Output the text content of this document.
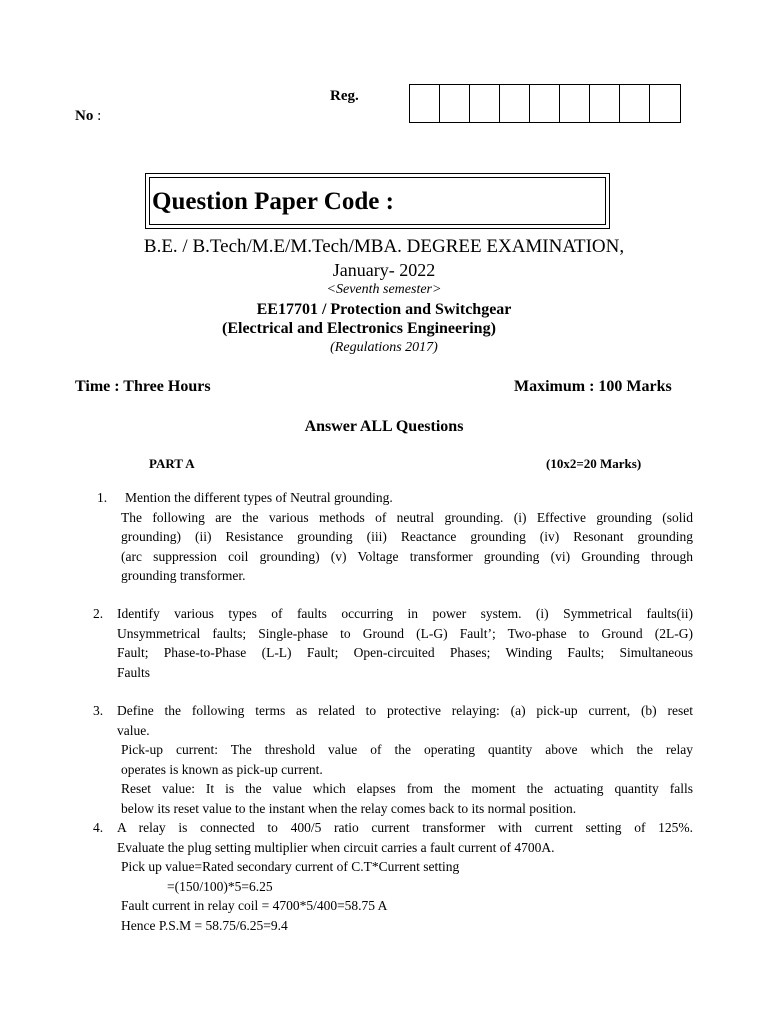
Reg.
No :
Question Paper Code :
B.E. / B.Tech/M.E/M.Tech/MBA. DEGREE EXAMINATION,
January- 2022
<Seventh semester>
EE17701 / Protection and Switchgear
(Electrical and Electronics Engineering)
(Regulations 2017)
Time : Three Hours	Maximum : 100 Marks
Answer ALL Questions
PART A	(10x2=20 Marks)
1. Mention the different types of Neutral grounding.
The following are the various methods of neutral grounding. (i) Effective grounding (solid
grounding) (ii) Resistance grounding (iii) Reactance grounding (iv) Resonant grounding
(arc suppression coil grounding) (v) Voltage transformer grounding (vi) Grounding through
grounding transformer.
2. Identify various types of faults occurring in power system. (i) Symmetrical faults(ii)
Unsymmetrical faults; Single-phase to Ground (L-G) Fault’; Two-phase to Ground (2L-G)
Fault; Phase-to-Phase (L-L) Fault; Open-circuited Phases; Winding Faults; Simultaneous
Faults
3. Define the following terms as related to protective relaying: (a) pick-up current, (b) reset
value.
Pick-up current: The threshold value of the operating quantity above which the relay
operates is known as pick-up current.
Reset value: It is the value which elapses from the moment the actuating quantity falls
below its reset value to the instant when the relay comes back to its normal position.
4. A relay is connected to 400/5 ratio current transformer with current setting of 125%.
Evaluate the plug setting multiplier when circuit carries a fault current of 4700A.
Pick up value=Rated secondary current of C.T*Current setting
=(150/100)*5=6.25
Fault current in relay coil = 4700*5/400=58.75 A
Hence P.S.M = 58.75/6.25=9.4
